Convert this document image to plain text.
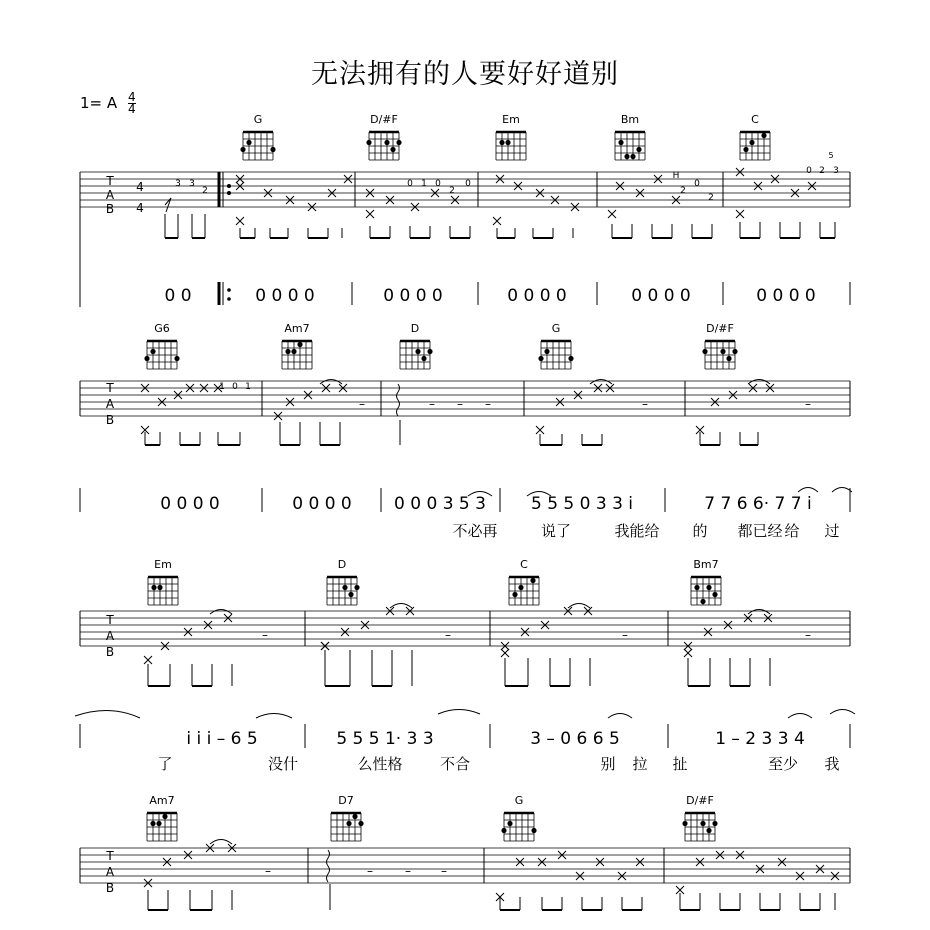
无法拥有的人要好好道别
1= A $\frac{4}{4}$
T
A
B
4
4
G	D/#F	Em	Bm	C
3 3
2
0 1 0
2
0
2
H
0
2
0 2 3
5
0 0	0 0 0 0	0 0 0 0	0 0 0 0	0 0 0 0	0 0 0 0
T
A
B
G6	Am7	D	G	D/#F
1 0 1
– – –
–	–	–
0 0 0 0	0 0 0 0 0 0 0 3 5 3	5 5 5 0 3 3 i	7 7 6 6· 7 7 i
不必再	说了	我能给 的 都已经 给 过
T
A
B
Em	D	C	Bm7
–	–	–	–
i i i – 6 5	5 5 5 1· 3 3	3 – 0 6 6 5	1 – 2 3 3 4
了	没什	么性格 不合	别 拉 扯	至少 我
T
A
B
Am7	D7	G	D/#F
–	–	–	–
